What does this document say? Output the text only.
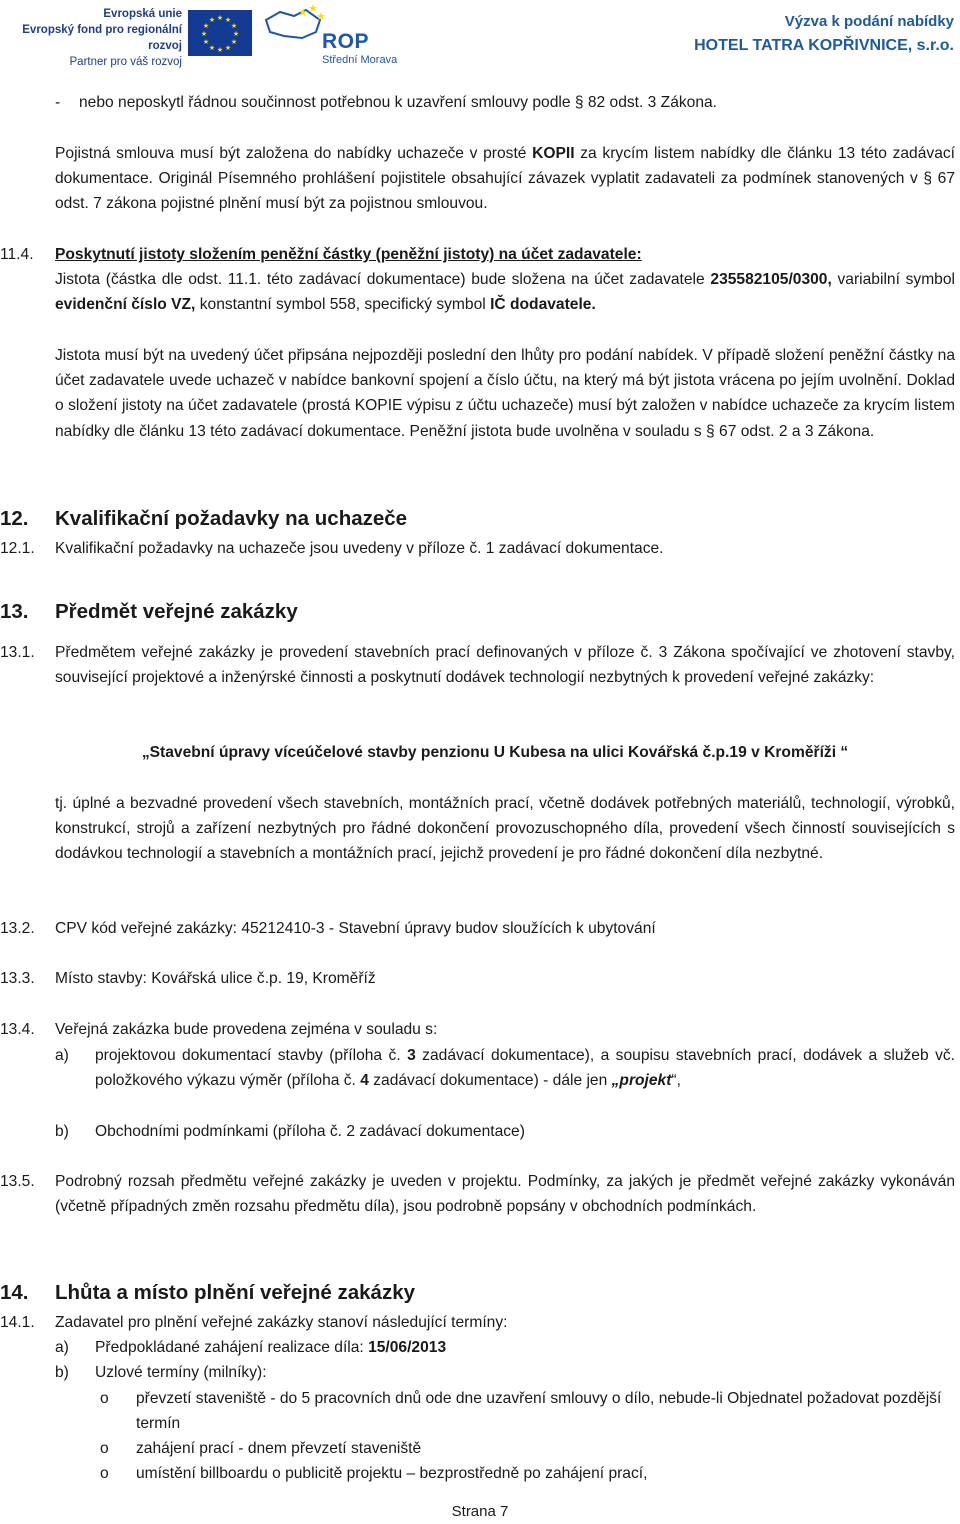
Evropská unie
Evropský fond pro regionální rozvoj
Partner pro váš rozvoj
★ ★
★
★
★
★
★
★
★
★
★
★
★ ★
★
ROP
Střední Morava
Výzva k podání nabídky
HOTEL TATRA KOPŘIVNICE, s.r.o.
- nebo neposkytl řádnou součinnost potřebnou k uzavření smlouvy podle § 82 odst. 3 Zákona.
Pojistná smlouva musí být založena do nabídky uchazeče v prosté KOPII za krycím listem nabídky dle článku 13 této zadávací dokumentace. Originál Písemného prohlášení pojistitele obsahující závazek vyplatit zadavateli za podmínek stanovených v § 67 odst. 7 zákona pojistné plnění musí být za pojistnou smlouvou.
11.4. Poskytnutí jistoty složením peněžní částky (peněžní jistoty) na účet zadavatele:
Jistota (částka dle odst. 11.1. této zadávací dokumentace) bude složena na účet zadavatele 235582105/0300, variabilní symbol evidenční číslo VZ, konstantní symbol 558, specifický symbol IČ dodavatele.
Jistota musí být na uvedený účet připsána nejpozději poslední den lhůty pro podání nabídek. V případě složení peněžní částky na účet zadavatele uvede uchazeč v nabídce bankovní spojení a číslo účtu, na který má být jistota vrácena po jejím uvolnění. Doklad o složení jistoty na účet zadavatele (prostá KOPIE výpisu z účtu uchazeče) musí být založen v nabídce uchazeče za krycím listem nabídky dle článku 13 této zadávací dokumentace. Peněžní jistota bude uvolněna v souladu s § 67 odst. 2 a 3 Zákona.
12. Kvalifikační požadavky na uchazeče
12.1. Kvalifikační požadavky na uchazeče jsou uvedeny v příloze č. 1 zadávací dokumentace.
13. Předmět veřejné zakázky
13.1. Předmětem veřejné zakázky je provedení stavebních prací definovaných v příloze č. 3 Zákona spočívající ve zhotovení stavby, související projektové a inženýrské činnosti a poskytnutí dodávek technologií nezbytných k provedení veřejné zakázky:
„Stavební úpravy víceúčelové stavby penzionu U Kubesa na ulici Kovářská č.p.19 v Kroměříži “
tj. úplné a bezvadné provedení všech stavebních, montážních prací, včetně dodávek potřebných materiálů, technologií, výrobků, konstrukcí, strojů a zařízení nezbytných pro řádné dokončení provozuschopného díla, provedení všech činností souvisejících s dodávkou technologií a stavebních a montážních prací, jejichž provedení je pro řádné dokončení díla nezbytné.
13.2. CPV kód veřejné zakázky: 45212410-3 - Stavební úpravy budov sloužících k ubytování
13.3. Místo stavby: Kovářská ulice č.p. 19, Kroměříž
13.4. Veřejná zakázka bude provedena zejména v souladu s:
a) projektovou dokumentací stavby (příloha č. 3 zadávací dokumentace), a soupisu stavebních prací, dodávek a služeb vč. položkového výkazu výměr (příloha č. 4 zadávací dokumentace) - dále jen „projekt“,
b) Obchodními podmínkami (příloha č. 2 zadávací dokumentace)
13.5. Podrobný rozsah předmětu veřejné zakázky je uveden v projektu. Podmínky, za jakých je předmět veřejné zakázky vykonáván (včetně případných změn rozsahu předmětu díla), jsou podrobně popsány v obchodních podmínkách.
14. Lhůta a místo plnění veřejné zakázky
14.1. Zadavatel pro plnění veřejné zakázky stanoví následující termíny:
a) Předpokládané zahájení realizace díla: 15/06/2013
b) Uzlové termíny (milníky):
o převzetí staveniště - do 5 pracovních dnů ode dne uzavření smlouvy o dílo, nebude-li Objednatel požadovat pozdější termín
o zahájení prací - dnem převzetí staveniště
o umístění billboardu o publicitě projektu – bezprostředně po zahájení prací,
Strana 7
